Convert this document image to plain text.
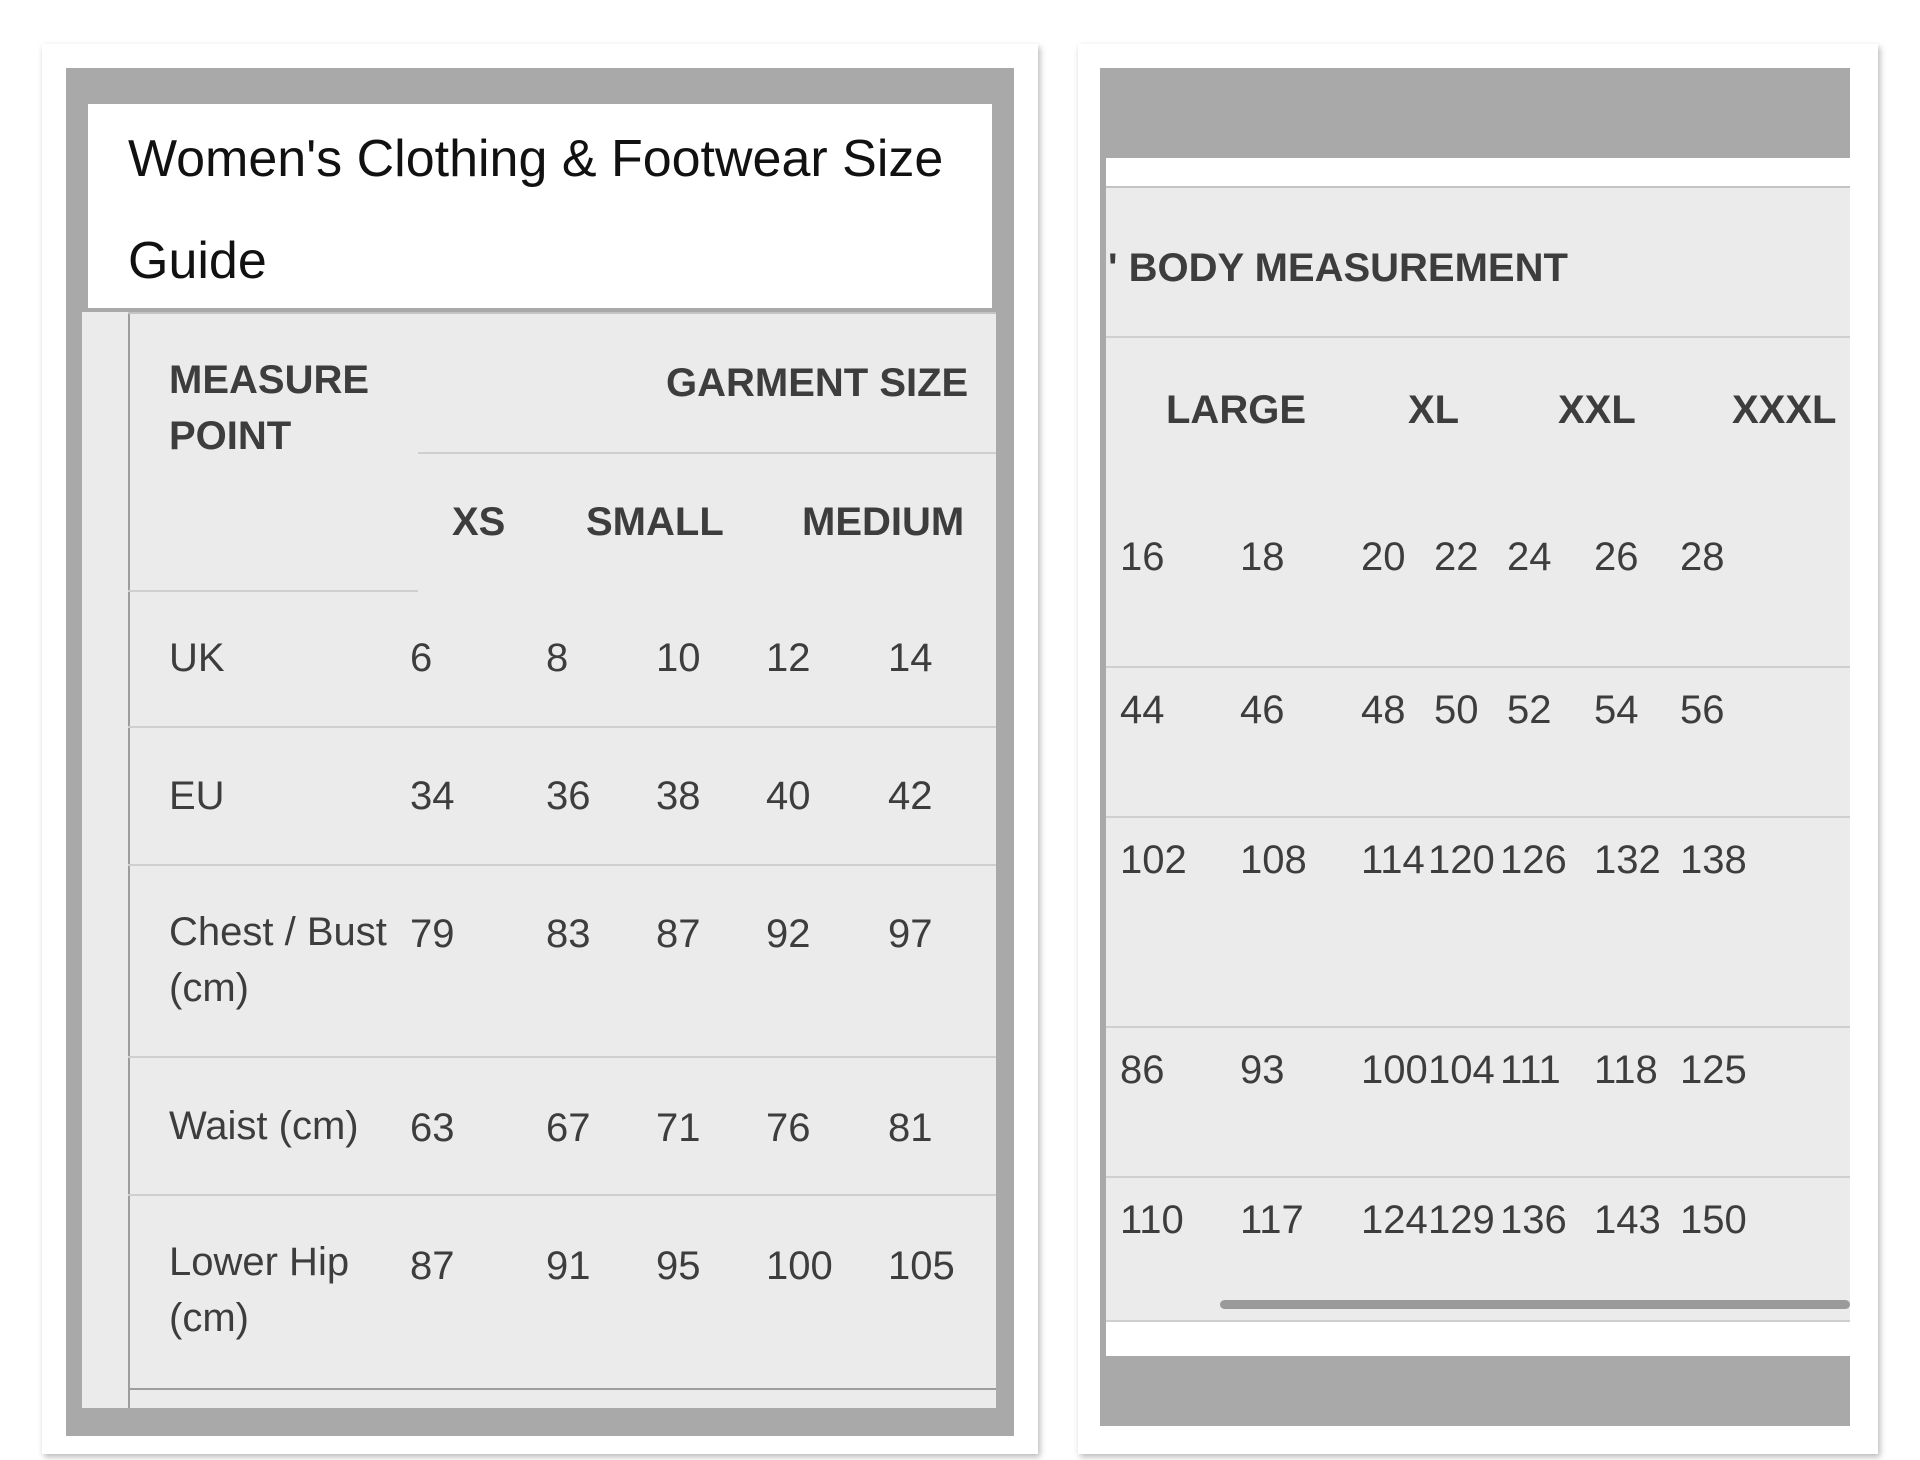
Women's Clothing & Footwear Size Guide
MEASURE POINT
GARMENT SIZE
XS SMALL MEDIUM
UK	6	8 10 12 14
EU	34 36 38 40 42
Chest / Bust (cm)
79 83 87 92 97
Waist (cm) 63 67 71 76 81
Lower Hip (cm)
87 91 95 100 105
' BODY MEASUREMENT
LARGE	XL XXL XXXL
16 18 20 22 24 26 28
44 46 48 50 52 54 56
102 108 114 120 126 132 138
86 93 100 104 111 118 125
110 117 124 129 136 143 150
